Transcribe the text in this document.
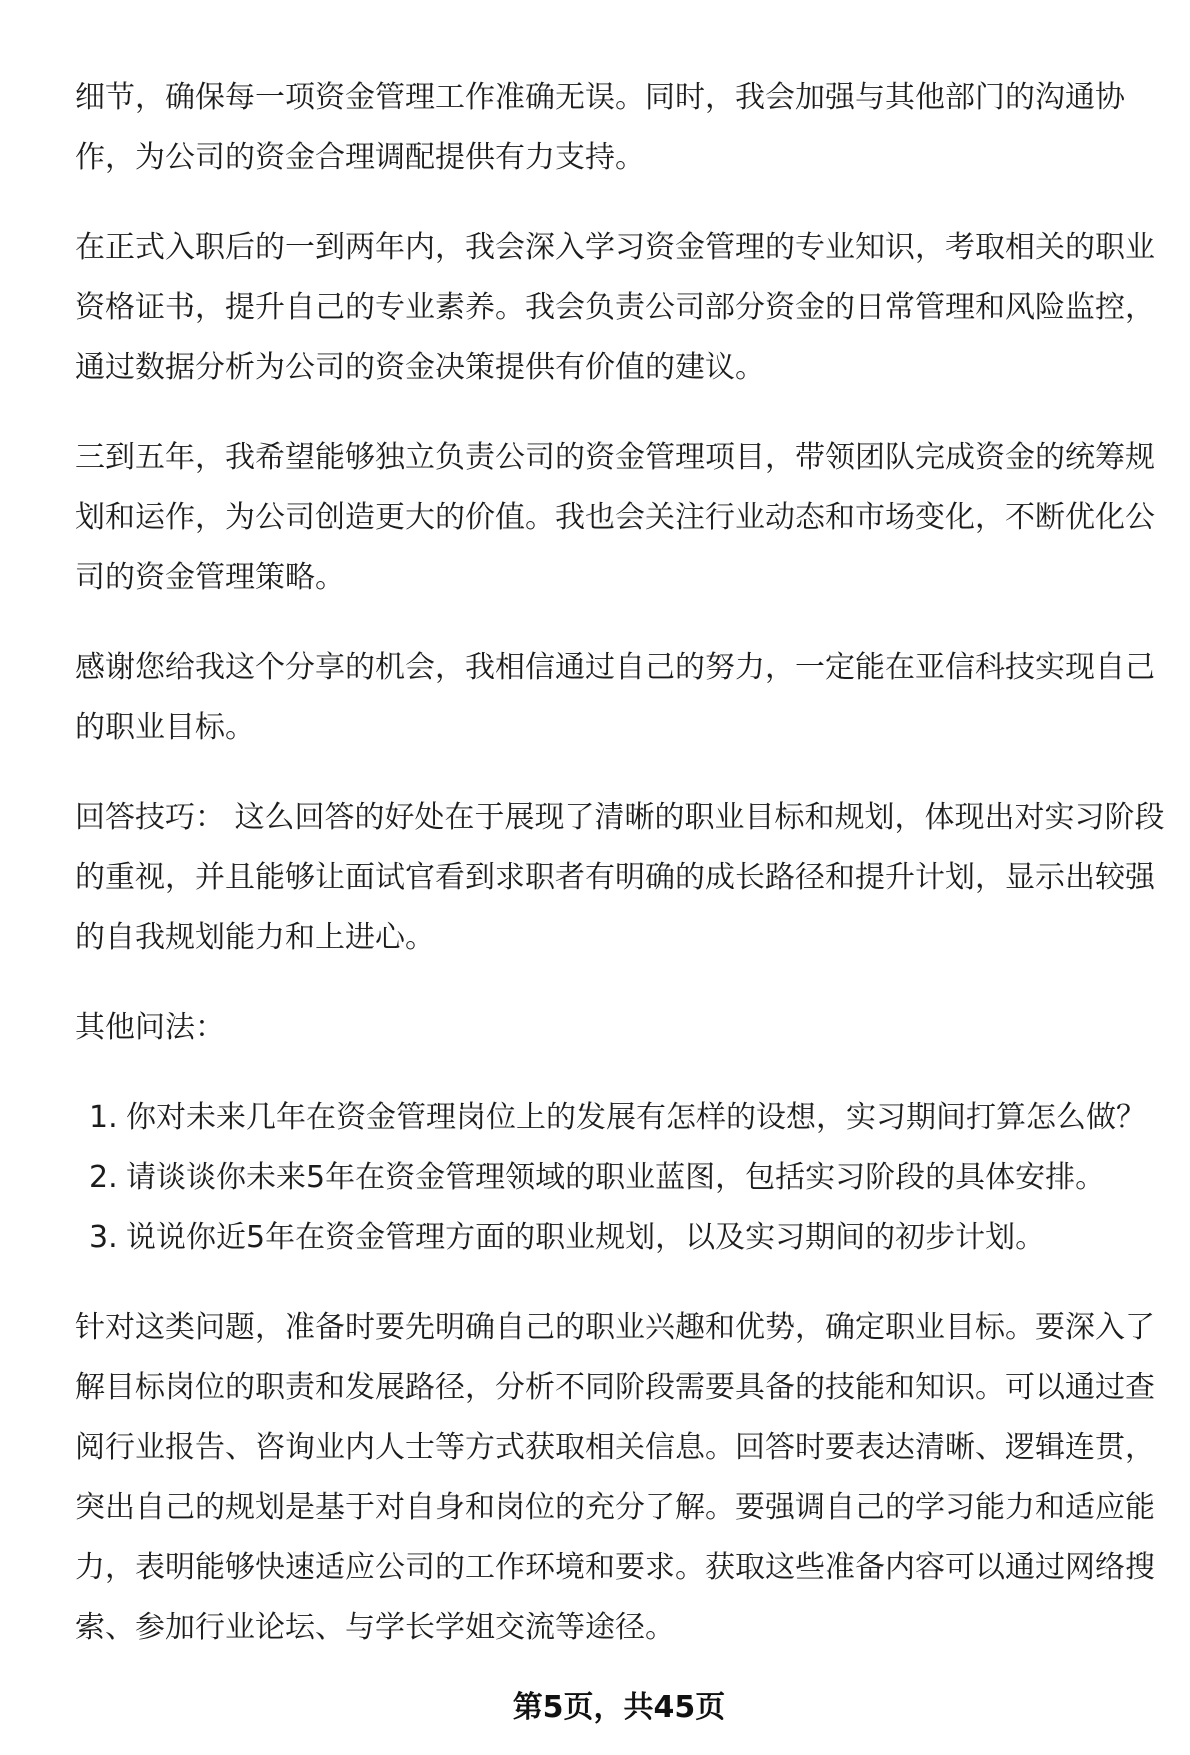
细节，确保每一项资金管理工作准确无误。同时，我会加强与其他部门的沟通协
作，为公司的资金合理调配提供有力支持。
在正式入职后的一到两年内，我会深入学习资金管理的专业知识，考取相关的职业
资格证书，提升自己的专业素养。我会负责公司部分资金的日常管理和风险监控，
通过数据分析为公司的资金决策提供有价值的建议。
三到五年，我希望能够独立负责公司的资金管理项目，带领团队完成资金的统筹规
划和运作，为公司创造更大的价值。我也会关注行业动态和市场变化，不断优化公
司的资金管理策略。
感谢您给我这个分享的机会，我相信通过自己的努力，一定能在亚信科技实现自己
的职业目标。
回答技巧： 这么回答的好处在于展现了清晰的职业目标和规划，体现出对实习阶段
的重视，并且能够让面试官看到求职者有明确的成长路径和提升计划，显示出较强
的自我规划能力和上进心。
其他问法：
1. 你对未来几年在资金管理岗位上的发展有怎样的设想，实习期间打算怎么做？
2. 请谈谈你未来5年在资金管理领域的职业蓝图，包括实习阶段的具体安排。
3. 说说你近5年在资金管理方面的职业规划，以及实习期间的初步计划。
针对这类问题，准备时要先明确自己的职业兴趣和优势，确定职业目标。要深入了
解目标岗位的职责和发展路径，分析不同阶段需要具备的技能和知识。可以通过查
阅行业报告、咨询业内人士等方式获取相关信息。回答时要表达清晰、逻辑连贯，
突出自己的规划是基于对自身和岗位的充分了解。要强调自己的学习能力和适应能
力，表明能够快速适应公司的工作环境和要求。获取这些准备内容可以通过网络搜
索、参加行业论坛、与学长学姐交流等途径。
第5页，共45页
